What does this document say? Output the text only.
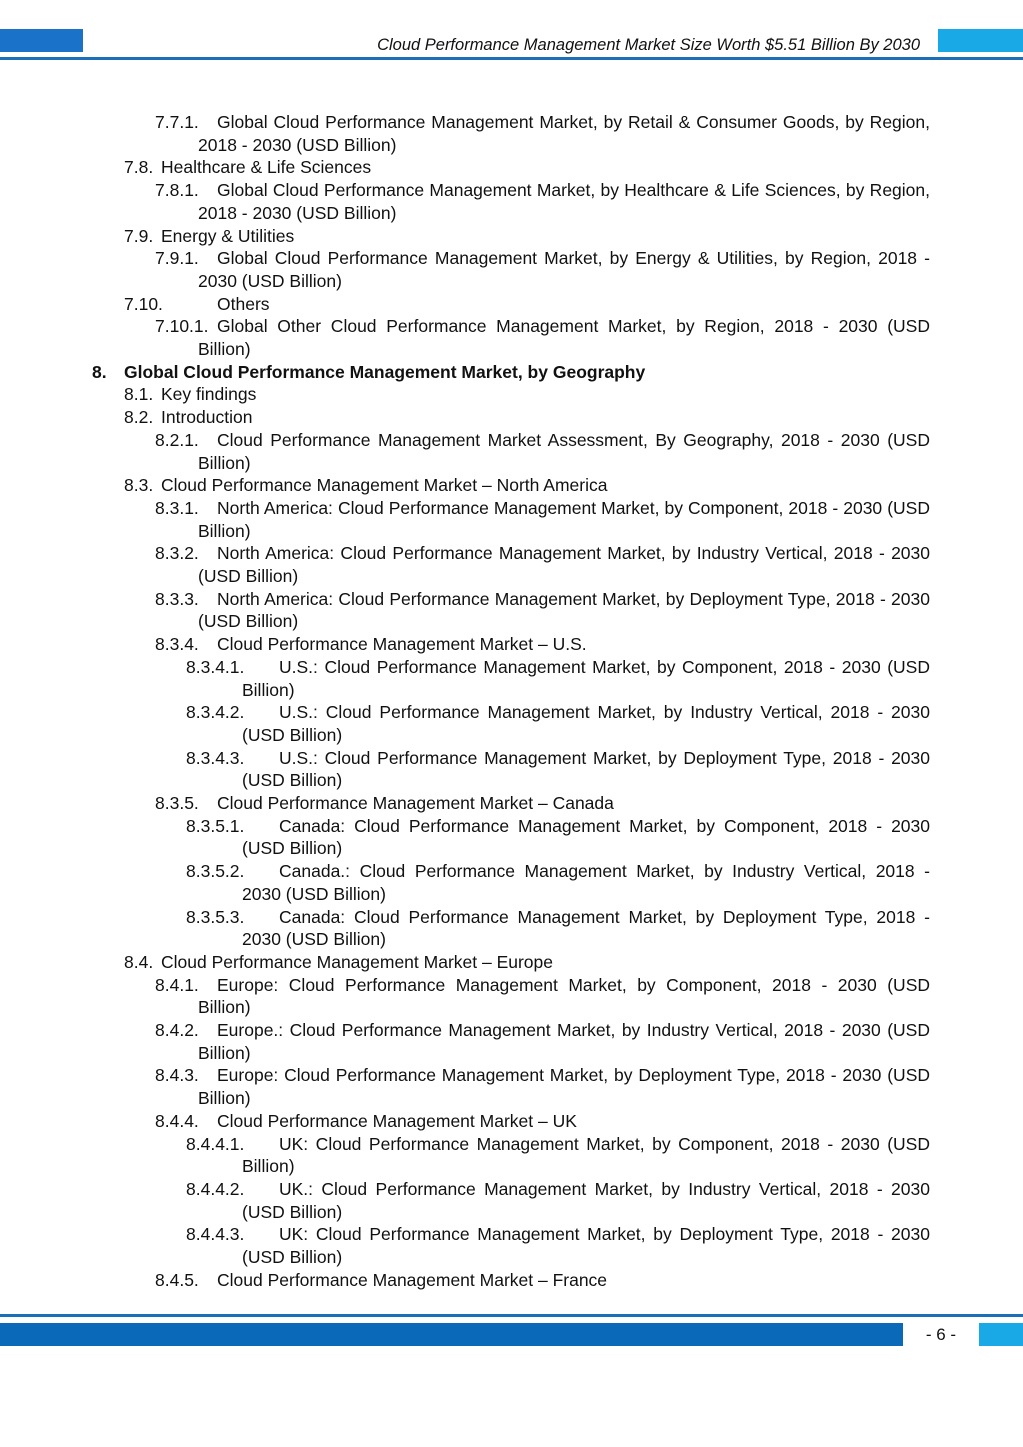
Cloud Performance Management Market Size Worth $5.51 Billion By 2030
7.7.1.	Global Cloud Performance Management Market, by Retail & Consumer Goods, by Region, 2018 - 2030 (USD Billion)
7.8. Healthcare & Life Sciences
7.8.1.	Global Cloud Performance Management Market, by Healthcare & Life Sciences, by Region, 2018 - 2030 (USD Billion)
7.9. Energy & Utilities
7.9.1.	Global Cloud Performance Management Market, by Energy & Utilities, by Region, 2018 - 2030 (USD Billion)
7.10.	Others
7.10.1. Global Other Cloud Performance Management Market, by Region, 2018 - 2030 (USD Billion)
8. Global Cloud Performance Management Market, by Geography
8.1. Key findings
8.2. Introduction
8.2.1.	Cloud Performance Management Market Assessment, By Geography, 2018 - 2030 (USD Billion)
8.3. Cloud Performance Management Market – North America
8.3.1.	North America: Cloud Performance Management Market, by Component, 2018 - 2030 (USD Billion)
8.3.2.	North America: Cloud Performance Management Market, by Industry Vertical, 2018 - 2030 (USD Billion)
8.3.3.	North America: Cloud Performance Management Market, by Deployment Type, 2018 - 2030 (USD Billion)
8.3.4.	Cloud Performance Management Market – U.S.
8.3.4.1.	U.S.: Cloud Performance Management Market, by Component, 2018 - 2030 (USD Billion)
8.3.4.2.	U.S.: Cloud Performance Management Market, by Industry Vertical, 2018 - 2030 (USD Billion)
8.3.4.3.	U.S.: Cloud Performance Management Market, by Deployment Type, 2018 - 2030 (USD Billion)
8.3.5.	Cloud Performance Management Market – Canada
8.3.5.1.	Canada: Cloud Performance Management Market, by Component, 2018 - 2030 (USD Billion)
8.3.5.2.	Canada.: Cloud Performance Management Market, by Industry Vertical, 2018 - 2030 (USD Billion)
8.3.5.3.	Canada: Cloud Performance Management Market, by Deployment Type, 2018 - 2030 (USD Billion)
8.4. Cloud Performance Management Market – Europe
8.4.1.	Europe: Cloud Performance Management Market, by Component, 2018 - 2030 (USD Billion)
8.4.2.	Europe.: Cloud Performance Management Market, by Industry Vertical, 2018 - 2030 (USD Billion)
8.4.3.	Europe: Cloud Performance Management Market, by Deployment Type, 2018 - 2030 (USD Billion)
8.4.4.	Cloud Performance Management Market – UK
8.4.4.1.	UK: Cloud Performance Management Market, by Component, 2018 - 2030 (USD Billion)
8.4.4.2.	UK.: Cloud Performance Management Market, by Industry Vertical, 2018 - 2030 (USD Billion)
8.4.4.3.	UK: Cloud Performance Management Market, by Deployment Type, 2018 - 2030 (USD Billion)
8.4.5.	Cloud Performance Management Market – France
- 6 -
